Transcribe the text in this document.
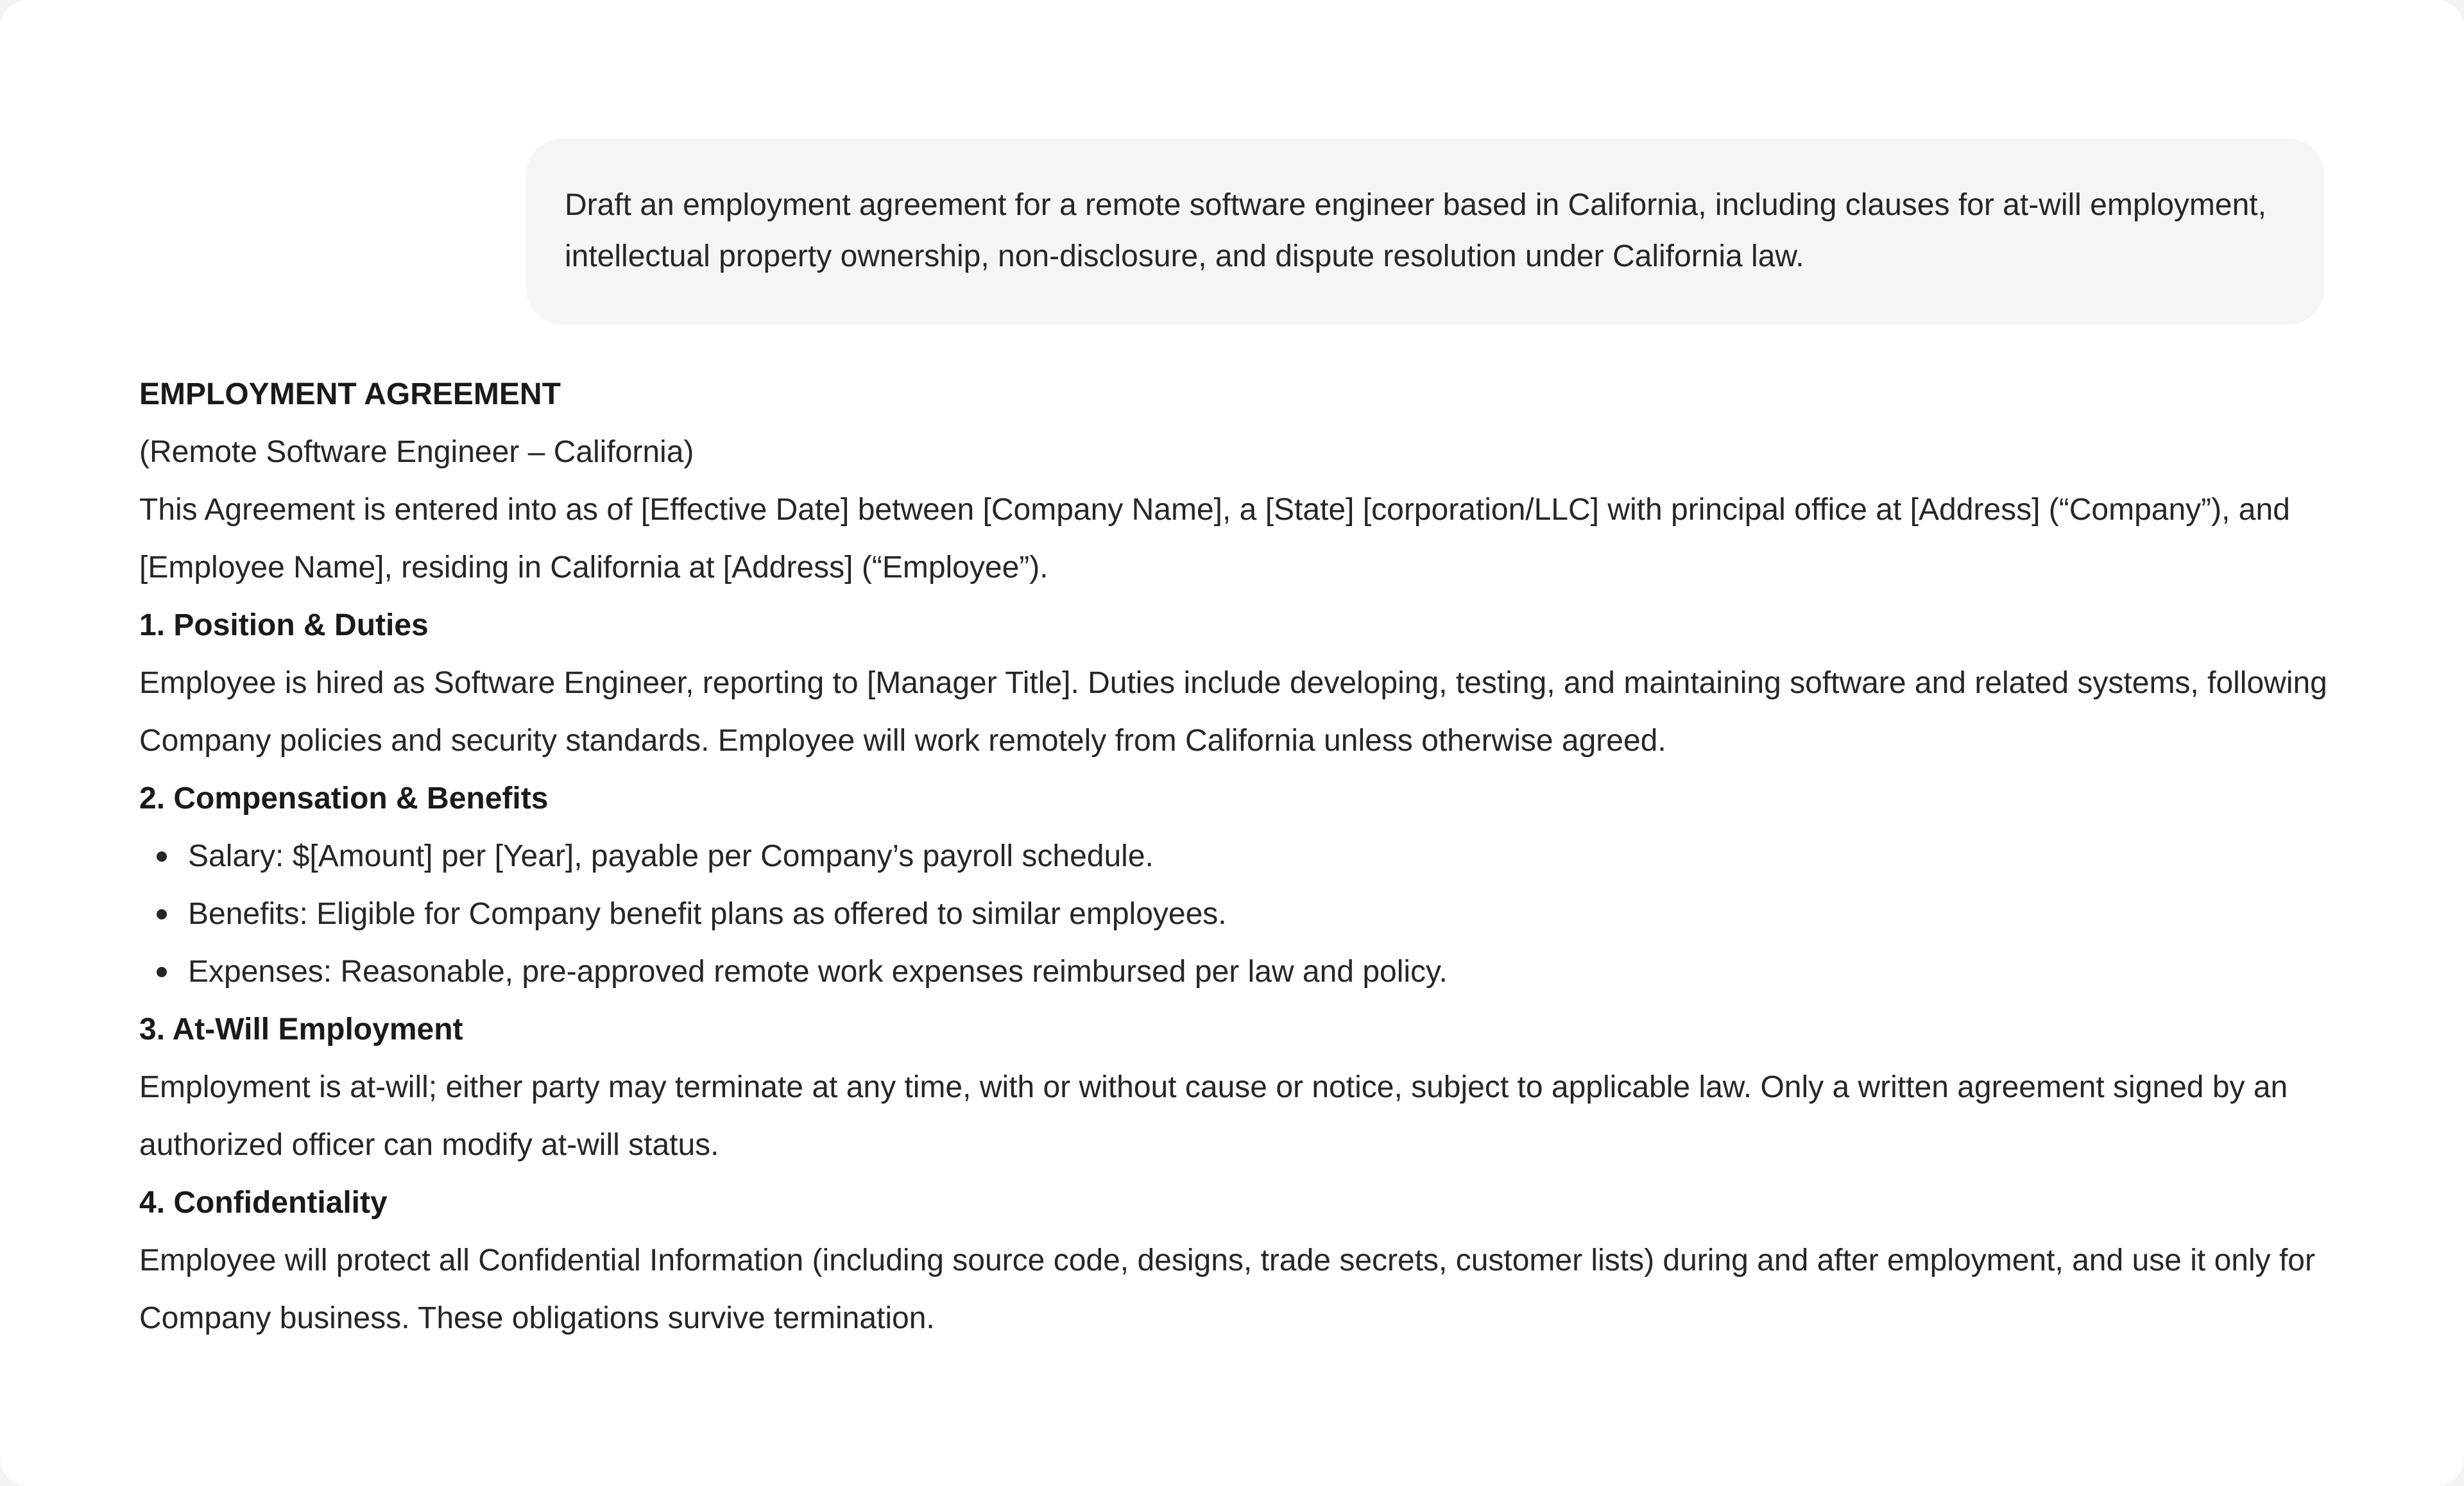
Draft an employment agreement for a remote software engineer based in California, including clauses for at-will employment, intellectual property ownership, non-disclosure, and dispute resolution under California law.

EMPLOYMENT AGREEMENT

(Remote Software Engineer – California)

This Agreement is entered into as of [Effective Date] between [Company Name], a [State] [corporation/LLC] with principal office at [Address] (“Company”), and [Employee Name], residing in California at [Address] (“Employee”).

1. Position & Duties

Employee is hired as Software Engineer, reporting to [Manager Title]. Duties include developing, testing, and maintaining software and related systems, following Company policies and security standards. Employee will work remotely from California unless otherwise agreed.

2. Compensation & Benefits

Salary: $[Amount] per [Year], payable per Company’s payroll schedule.
Benefits: Eligible for Company benefit plans as offered to similar employees.
Expenses: Reasonable, pre-approved remote work expenses reimbursed per law and policy.

3. At-Will Employment

Employment is at-will; either party may terminate at any time, with or without cause or notice, subject to applicable law. Only a written agreement signed by an authorized officer can modify at-will status.

4. Confidentiality

Employee will protect all Confidential Information (including source code, designs, trade secrets, customer lists) during and after employment, and use it only for Company business. These obligations survive termination.
